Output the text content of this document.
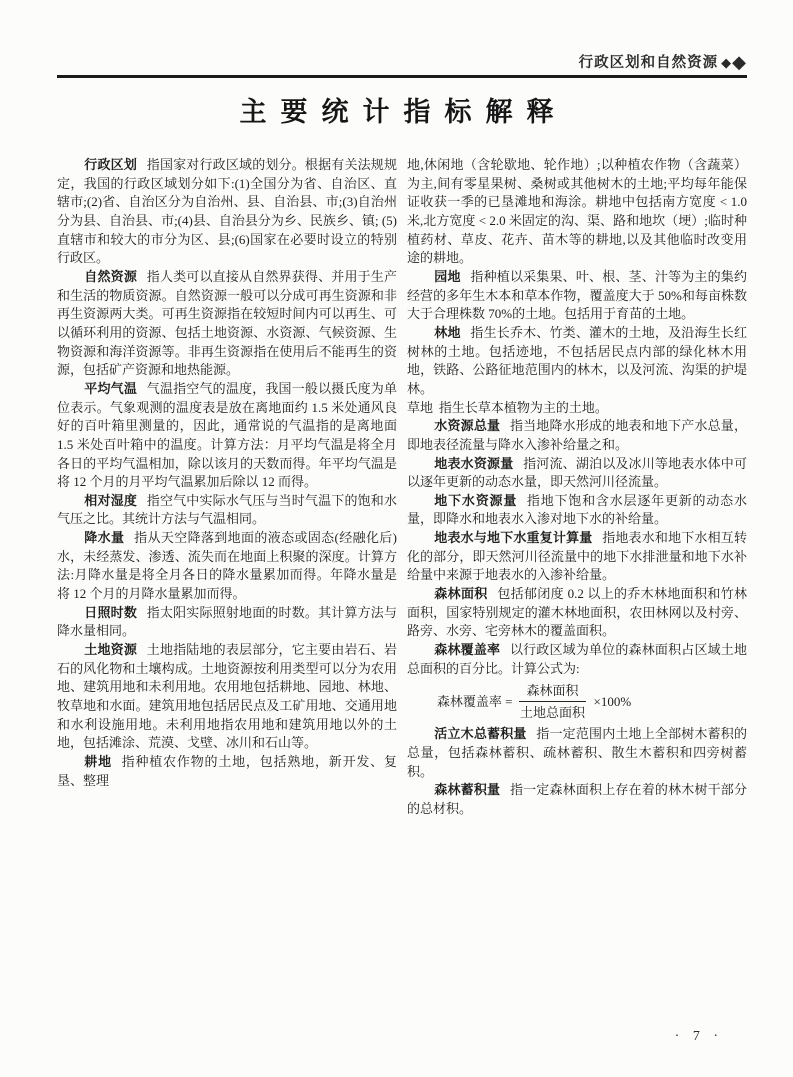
行政区划和自然资源 ◆◆
主要统计指标解释

行政区划 指国家对行政区域的划分。根据有关法规规定，我国的行政区域划分如下:(1)全国分为省、自治区、直辖市;(2)省、自治区分为自治州、县、自治县、市;(3)自治州分为县、自治县、市;(4)县、自治县分为乡、民族乡、镇; (5)直辖市和较大的市分为区、县;(6)国家在必要时设立的特别行政区。

自然资源 指人类可以直接从自然界获得、并用于生产和生活的物质资源。自然资源一般可以分成可再生资源和非再生资源两大类。可再生资源指在较短时间内可以再生、可以循环利用的资源、包括土地资源、水资源、气候资源、生物资源和海洋资源等。非再生资源指在使用后不能再生的资源，包括矿产资源和地热能源。

平均气温 气温指空气的温度，我国一般以摄氏度为单位表示。气象观测的温度表是放在离地面约 1.5 米处通风良好的百叶箱里测量的，因此，通常说的气温指的是离地面 1.5 米处百叶箱中的温度。计算方法：月平均气温是将全月各日的平均气温相加，除以该月的天数而得。年平均气温是将 12 个月的月平均气温累加后除以 12 而得。

相对湿度 指空气中实际水气压与当时气温下的饱和水气压之比。其统计方法与气温相同。

降水量 指从天空降落到地面的液态或固态(经融化后)水，未经蒸发、渗透、流失而在地面上积聚的深度。计算方法:月降水量是将全月各日的降水量累加而得。年降水量是将 12 个月的月降水量累加而得。

日照时数 指太阳实际照射地面的时数。其计算方法与降水量相同。

土地资源 土地指陆地的表层部分，它主要由岩石、岩石的风化物和土壤构成。土地资源按利用类型可以分为农用地、建筑用地和未利用地。农用地包括耕地、园地、林地、牧草地和水面。建筑用地包括居民点及工矿用地、交通用地和水利设施用地。未利用地指农用地和建筑用地以外的土地，包括滩涂、荒漠、戈壁、冰川和石山等。

耕地 指种植农作物的土地，包括熟地，新开发、复垦、整理

地,休闲地（含轮歇地、轮作地）;以种植农作物（含蔬菜）为主,间有零星果树、桑树或其他树木的土地;平均每年能保证收获一季的已垦滩地和海涂。耕地中包括南方宽度 < 1.0 米,北方宽度 < 2.0 米固定的沟、渠、路和地坎（埂）;临时种植药材、草皮、花卉、苗木等的耕地,以及其他临时改变用途的耕地。

园地 指种植以采集果、叶、根、茎、汁等为主的集约经营的多年生木本和草本作物，覆盖度大于 50%和每亩株数大于合理株数 70%的土地。包括用于育苗的土地。

林地 指生长乔木、竹类、灌木的土地，及沿海生长红树林的土地。包括迹地，不包括居民点内部的绿化林木用地，铁路、公路征地范围内的林木，以及河流、沟渠的护堤林。

草地 指生长草本植物为主的土地。

水资源总量 指当地降水形成的地表和地下产水总量，即地表径流量与降水入渗补给量之和。

地表水资源量 指河流、湖泊以及冰川等地表水体中可以逐年更新的动态水量，即天然河川径流量。

地下水资源量 指地下饱和含水层逐年更新的动态水量，即降水和地表水入渗对地下水的补给量。

地表水与地下水重复计算量 指地表水和地下水相互转化的部分，即天然河川径流量中的地下水排泄量和地下水补给量中来源于地表水的入渗补给量。

森林面积 包括郁闭度 0.2 以上的乔木林地面积和竹林面积，国家特别规定的灌木林地面积，农田林网以及村旁、路旁、水旁、宅旁林木的覆盖面积。

森林覆盖率 以行政区域为单位的森林面积占区域土地总面积的百分比。计算公式为:

森林覆盖率 = $\frac{\text{森林面积}}{\text{土地总面积}} \times 100\%$

活立木总蓄积量 指一定范围内土地上全部树木蓄积的总量，包括森林蓄积、疏林蓄积、散生木蓄积和四旁树蓄积。

森林蓄积量 指一定森林面积上存在着的林木树干部分的总材积。

· 7 ·
